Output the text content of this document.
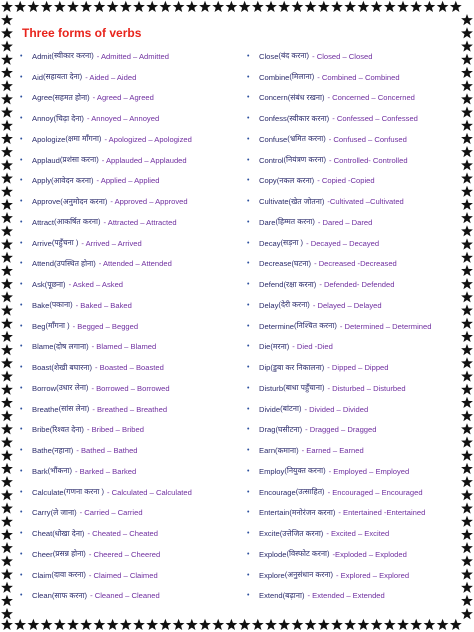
Three forms of verbs
•	Admit (स्वीकार करना) - Admitted – Admitted
•	Aid (सहायता देना) - Aided – Aided
•	Agree (सहमत होना) - Agreed – Agreed
•	Annoy (चिढ़ा देना) - Annoyed – Annoyed
•	Apologize (क्षमा माँगना) - Apologized – Apologized
•	Applaud (प्रशंसा करना) - Applauded – Applauded
•	Apply (आवेदन करना) - Applied – Applied
•	Approve (अनुमोदन करना) - Approved – Approved
•	Attract (आकर्षित करना) - Attracted – Attracted
•	Arrive (पहुँचना ) - Arrived – Arrived
•	Attend (उपस्थित होना) - Attended – Attended
•	Ask (पूछना) - Asked – Asked
•	Bake (पकाना) - Baked – Baked
•	Beg (माँगना ) - Begged – Begged
•	Blame (दोष लगाना) - Blamed – Blamed
•	Boast (शेखी बघारना) - Boasted – Boasted
•	Borrow (उधार लेना) - Borrowed – Borrowed
•	Breathe (सांस लेना) - Breathed – Breathed
•	Bribe (रिश्वत देना) - Bribed – Bribed
•	Bathe (नहाना) - Bathed – Bathed
•	Bark (भौंकना) - Barked – Barked
•	Calculate (गणना करना ) - Calculated – Calculated
•	Carry (ले जाना) - Carried – Carried
•	Cheat (धोखा देना) - Cheated – Cheated
•	Cheer (प्रसन्न होना) - Cheered – Cheered
•	Claim (दावा करना) - Claimed – Claimed
•	Clean (साफ करना) - Cleaned – Cleaned
•	Close (बंद करना) - Closed – Closed
•	Combine (मिलाना) - Combined – Combined
•	Concern (संबंध रखना) - Concerned – Concerned
•	Confess (स्वीकार करना) - Confessed – Confessed
•	Confuse (भ्रमित करना) - Confused – Confused
•	Control (नियंत्रण करना) - Controlled- Controlled
•	Copy (नकल करना) - Copied -Copied
•	Cultivate (खेत जोतना) -Cultivated –Cultivated
•	Dare (हिम्मत करना) - Dared – Dared
•	Decay (सड़ना ) - Decayed – Decayed
•	Decrease (घटना) - Decreased -Decreased
•	Defend (रक्षा करना) - Defended- Defended
•	Delay (देरी करना) - Delayed – Delayed
•	Determine (निश्चित करना) - Determined – Determined
•	Die (मरना) - Died -Died
•	Dip (डुबा कर निकालना) - Dipped – Dipped
•	Disturb (बाधा पहुँचाना) - Disturbed – Disturbed
•	Divide (बांटना) - Divided – Divided
•	Drag (घसीटना) - Dragged – Dragged
•	Earn (कमाना) - Earned – Earned
•	Employ (नियुक्त करना) - Employed – Employed
•	Encourage (उत्साहित) - Encouraged – Encouraged
•	Entertain (मनोरंजन करना) - Entertained -Entertained
•	Excite (उत्तेजित करना) - Excited – Excited
•	Explode (विस्फोट करना) -Exploded – Exploded
•	Explore (अनुसंधान करना) - Explored – Explored
•	Extend (बढ़ाना) - Extended – Extended
